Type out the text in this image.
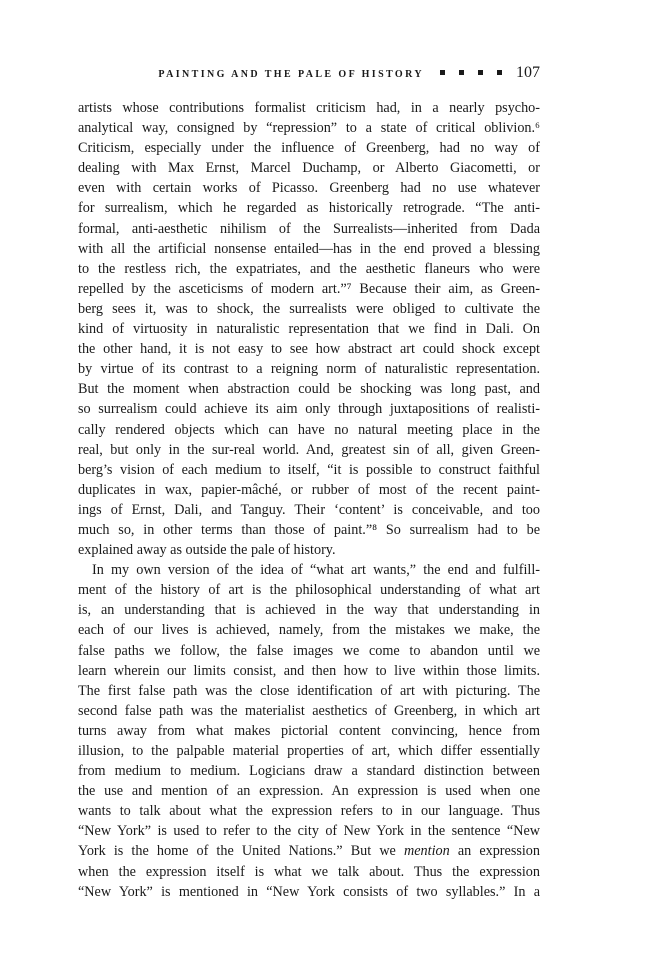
PAINTING AND THE PALE OF HISTORY	107
artists whose contributions formalist criticism had, in a nearly psycho-
analytical way, consigned by “repression” to a state of critical oblivion.⁶
Criticism, especially under the influence of Greenberg, had no way of
dealing with Max Ernst, Marcel Duchamp, or Alberto Giacometti, or
even with certain works of Picasso. Greenberg had no use whatever
for surrealism, which he regarded as historically retrograde. “The anti-
formal, anti-aesthetic nihilism of the Surrealists—inherited from Dada
with all the artificial nonsense entailed—has in the end proved a blessing
to the restless rich, the expatriates, and the aesthetic flaneurs who were
repelled by the asceticisms of modern art.”⁷ Because their aim, as Green-
berg sees it, was to shock, the surrealists were obliged to cultivate the
kind of virtuosity in naturalistic representation that we find in Dali. On
the other hand, it is not easy to see how abstract art could shock except
by virtue of its contrast to a reigning norm of naturalistic representation.
But the moment when abstraction could be shocking was long past, and
so surrealism could achieve its aim only through juxtapositions of realisti-
cally rendered objects which can have no natural meeting place in the
real, but only in the sur-real world. And, greatest sin of all, given Green-
berg’s vision of each medium to itself, “it is possible to construct faithful
duplicates in wax, papier-mâché, or rubber of most of the recent paint-
ings of Ernst, Dali, and Tanguy. Their ‘content’ is conceivable, and too
much so, in other terms than those of paint.”⁸ So surrealism had to be
explained away as outside the pale of history.
In my own version of the idea of “what art wants,” the end and fulfill-
ment of the history of art is the philosophical understanding of what art
is, an understanding that is achieved in the way that understanding in
each of our lives is achieved, namely, from the mistakes we make, the
false paths we follow, the false images we come to abandon until we
learn wherein our limits consist, and then how to live within those limits.
The first false path was the close identification of art with picturing. The
second false path was the materialist aesthetics of Greenberg, in which art
turns away from what makes pictorial content convincing, hence from
illusion, to the palpable material properties of art, which differ essentially
from medium to medium. Logicians draw a standard distinction between
the use and mention of an expression. An expression is used when one
wants to talk about what the expression refers to in our language. Thus
“New York” is used to refer to the city of New York in the sentence “New
York is the home of the United Nations.” But we mention an expression
when the expression itself is what we talk about. Thus the expression
“New York” is mentioned in “New York consists of two syllables.” In a
